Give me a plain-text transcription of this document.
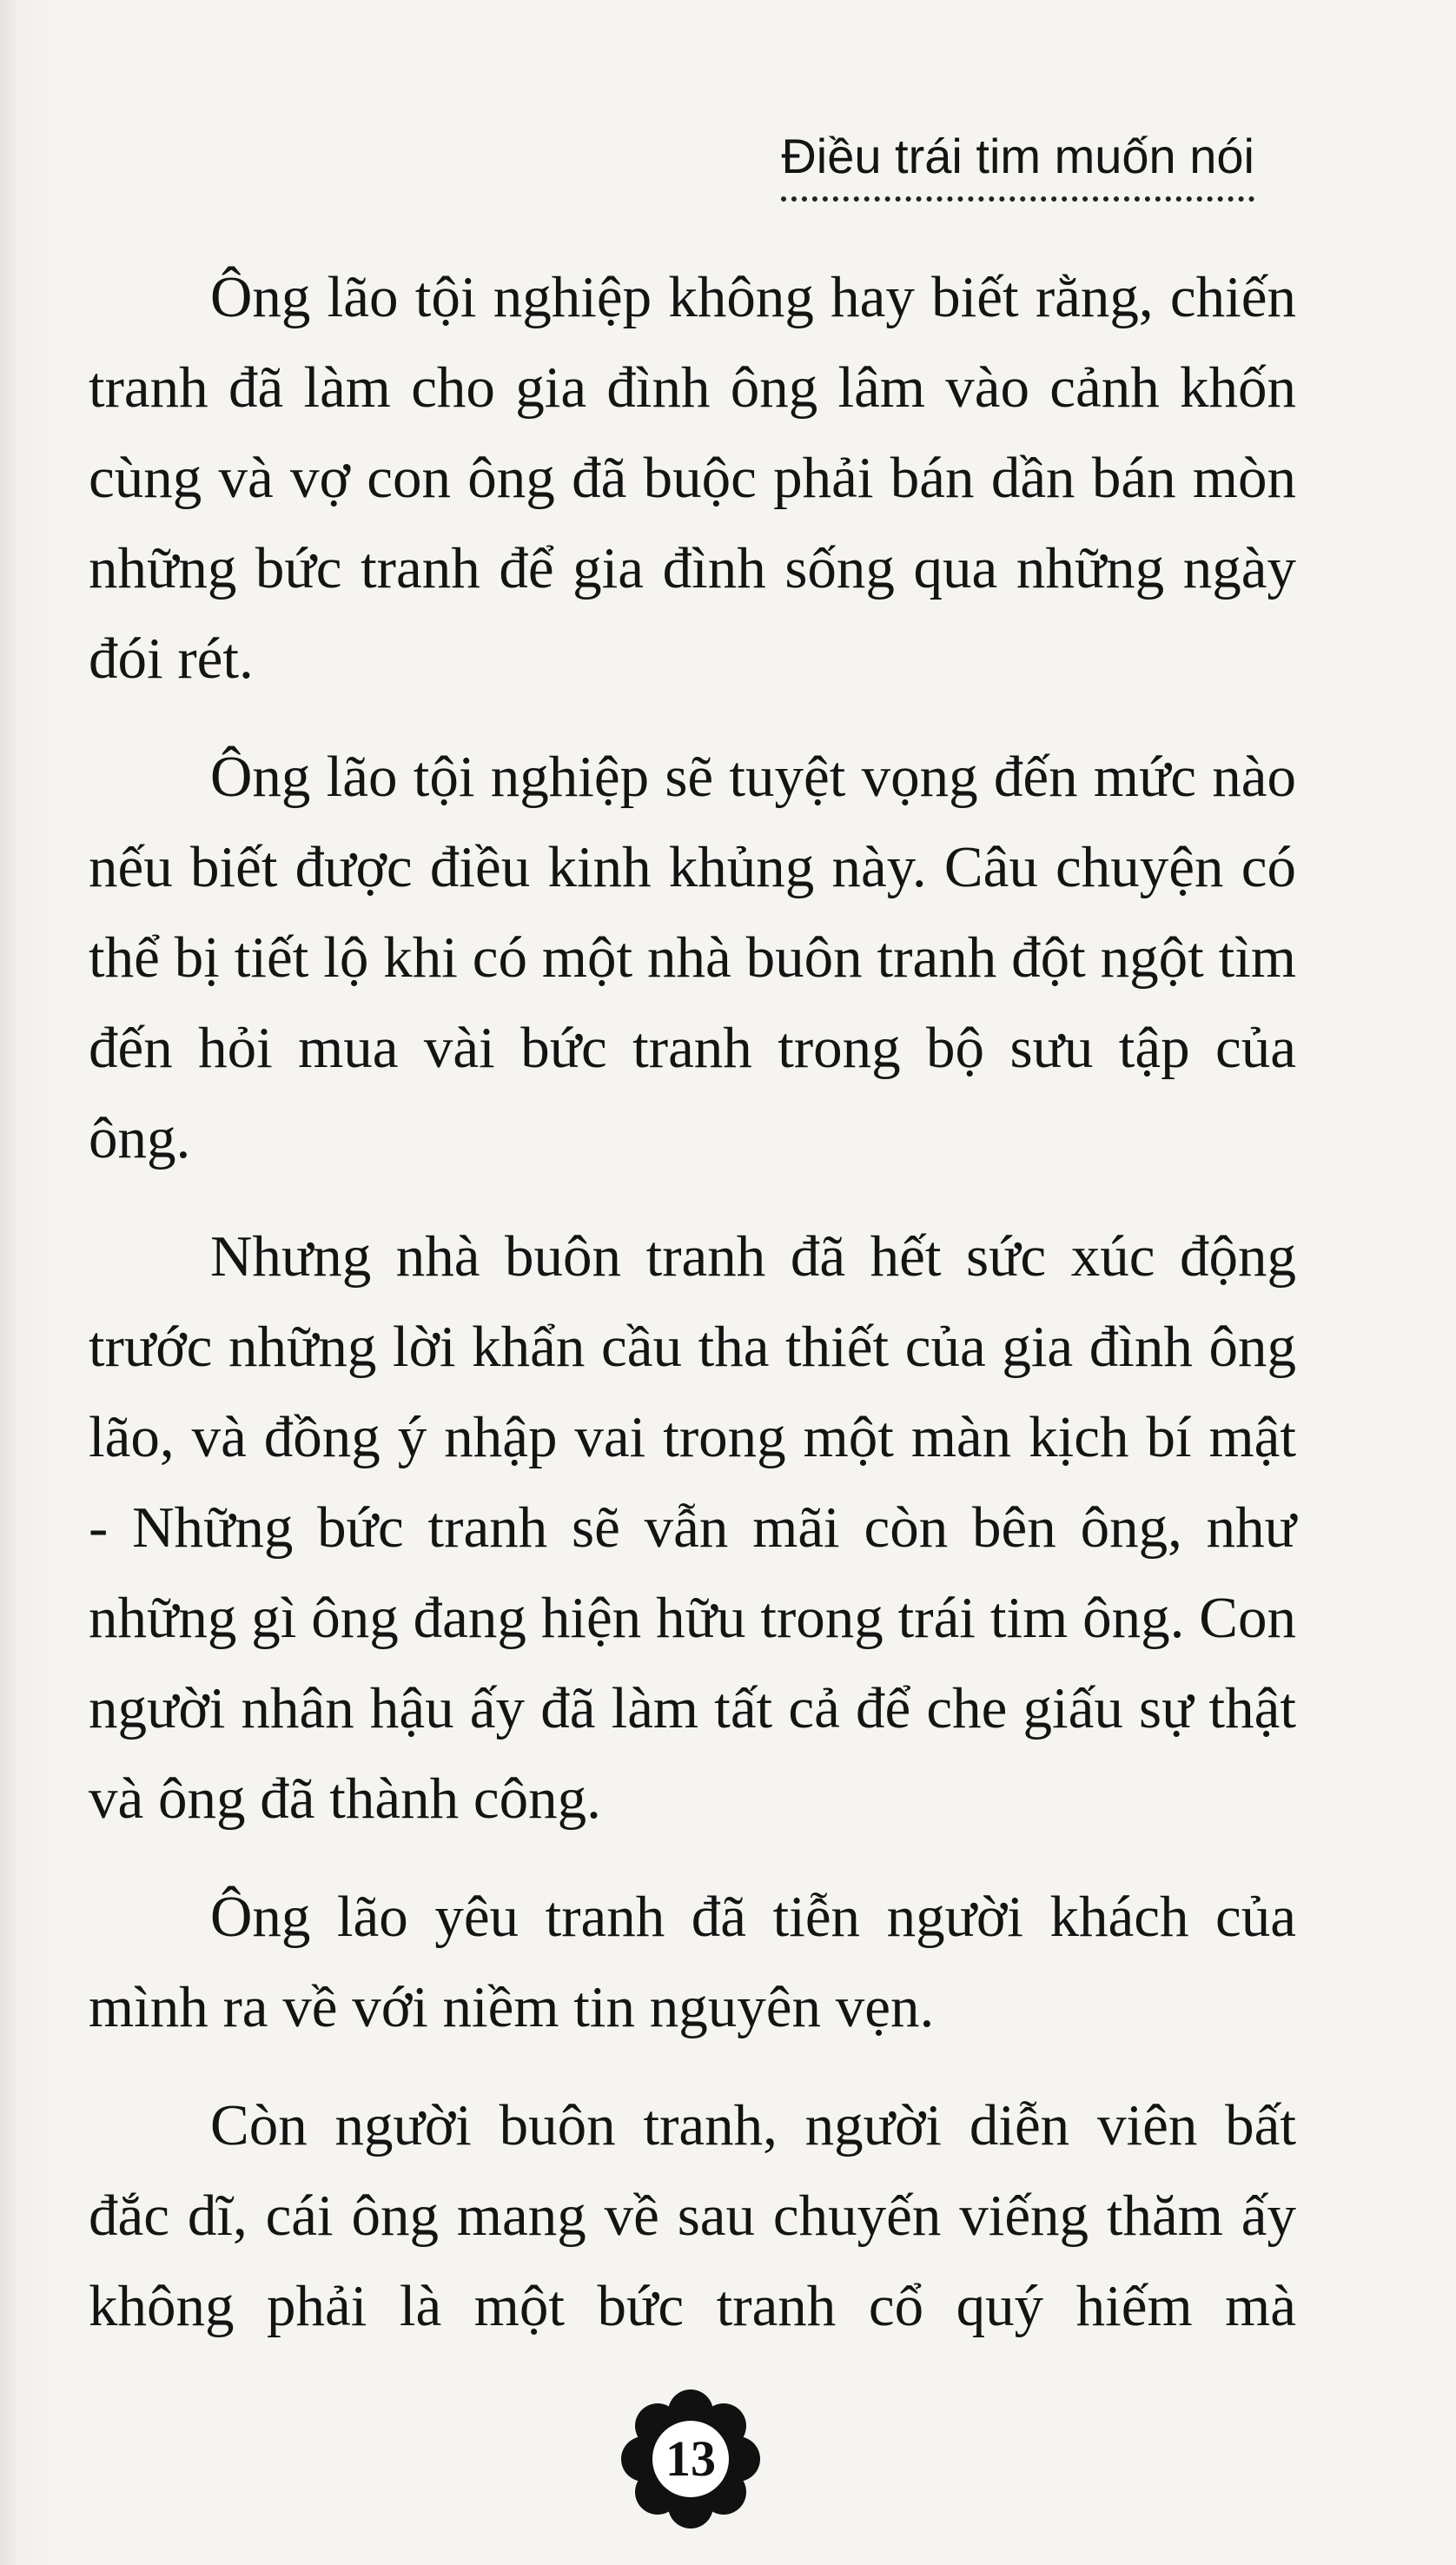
Điều trái tim muốn nói

Ông lão tội nghiệp không hay biết rằng, chiến tranh đã làm cho gia đình ông lâm vào cảnh khốn cùng và vợ con ông đã buộc phải bán dần bán mòn những bức tranh để gia đình sống qua những ngày đói rét.

Ông lão tội nghiệp sẽ tuyệt vọng đến mức nào nếu biết được điều kinh khủng này. Câu chuyện có thể bị tiết lộ khi có một nhà buôn tranh đột ngột tìm đến hỏi mua vài bức tranh trong bộ sưu tập của ông.

Nhưng nhà buôn tranh đã hết sức xúc động trước những lời khẩn cầu tha thiết của gia đình ông lão, và đồng ý nhập vai trong một màn kịch bí mật - Những bức tranh sẽ vẫn mãi còn bên ông, như những gì ông đang hiện hữu trong trái tim ông. Con người nhân hậu ấy đã làm tất cả để che giấu sự thật và ông đã thành công.

Ông lão yêu tranh đã tiễn người khách của mình ra về với niềm tin nguyên vẹn.

Còn người buôn tranh, người diễn viên bất đắc dĩ, cái ông mang về sau chuyến viếng thăm ấy không phải là một bức tranh cổ quý hiếm mà

13
